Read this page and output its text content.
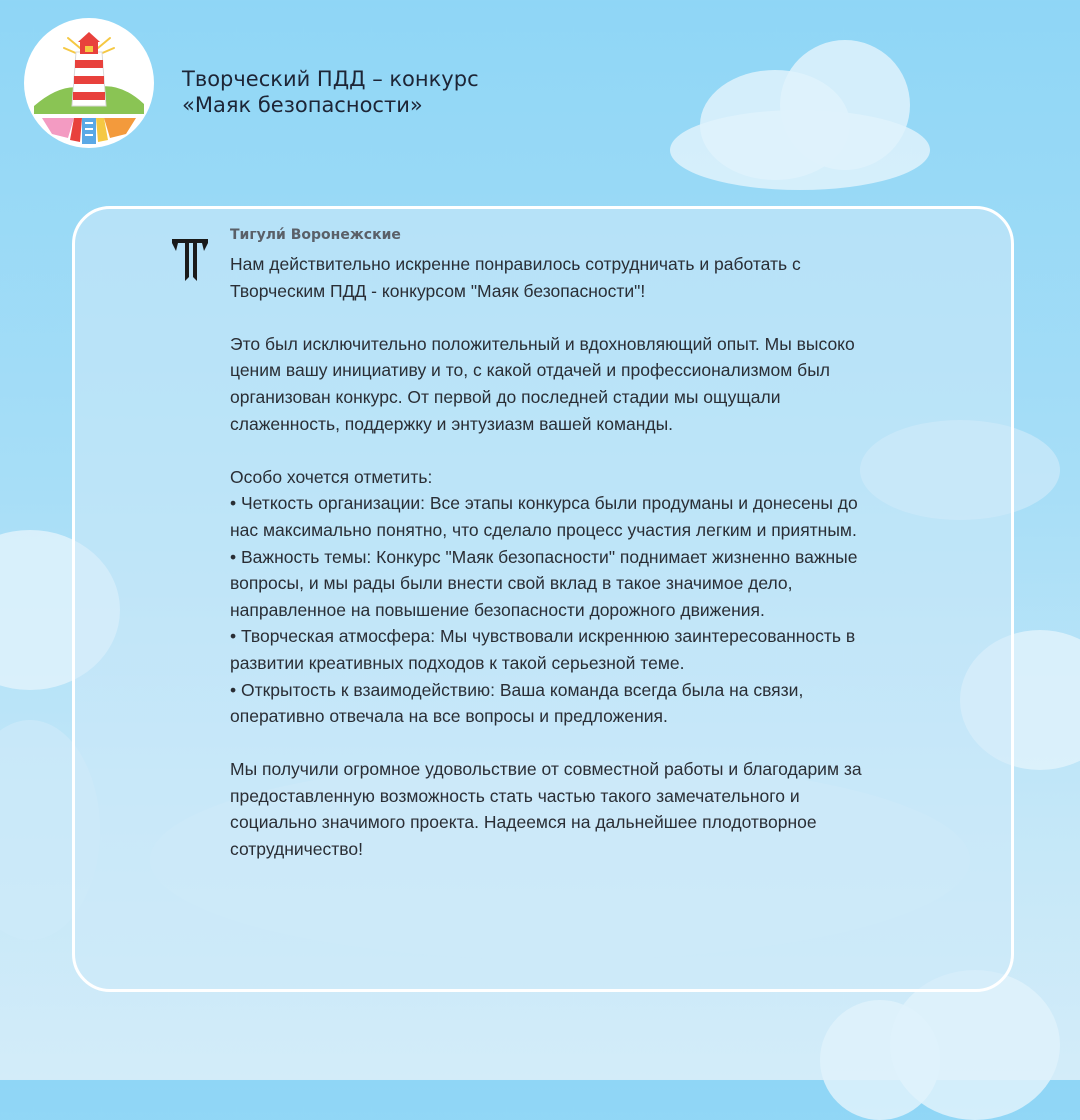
Творческий ПДД – конкурс
«Маяк безопасности»

Тигули́ Воронежские

Нам действительно искренне понравилось сотрудничать и работать с Творческим ПДД - конкурсом "Маяк безопасности"!

Это был исключительно положительный и вдохновляющий опыт. Мы высоко ценим вашу инициативу и то, с какой отдачей и профессионализмом был организован конкурс. От первой до последней стадии мы ощущали слаженность, поддержку и энтузиазм вашей команды.

Особо хочется отметить:

• Четкость организации: Все этапы конкурса были продуманы и донесены до нас максимально понятно, что сделало процесс участия легким и приятным.

• Важность темы: Конкурс "Маяк безопасности" поднимает жизненно важные вопросы, и мы рады были внести свой вклад в такое значимое дело, направленное на повышение безопасности дорожного движения.

• Творческая атмосфера: Мы чувствовали искреннюю заинтересованность в развитии креативных подходов к такой серьезной теме.

• Открытость к взаимодействию: Ваша команда всегда была на связи, оперативно отвечала на все вопросы и предложения.

Мы получили огромное удовольствие от совместной работы и благодарим за предоставленную возможность стать частью такого замечательного и социально значимого проекта. Надеемся на дальнейшее плодотворное сотрудничество!
